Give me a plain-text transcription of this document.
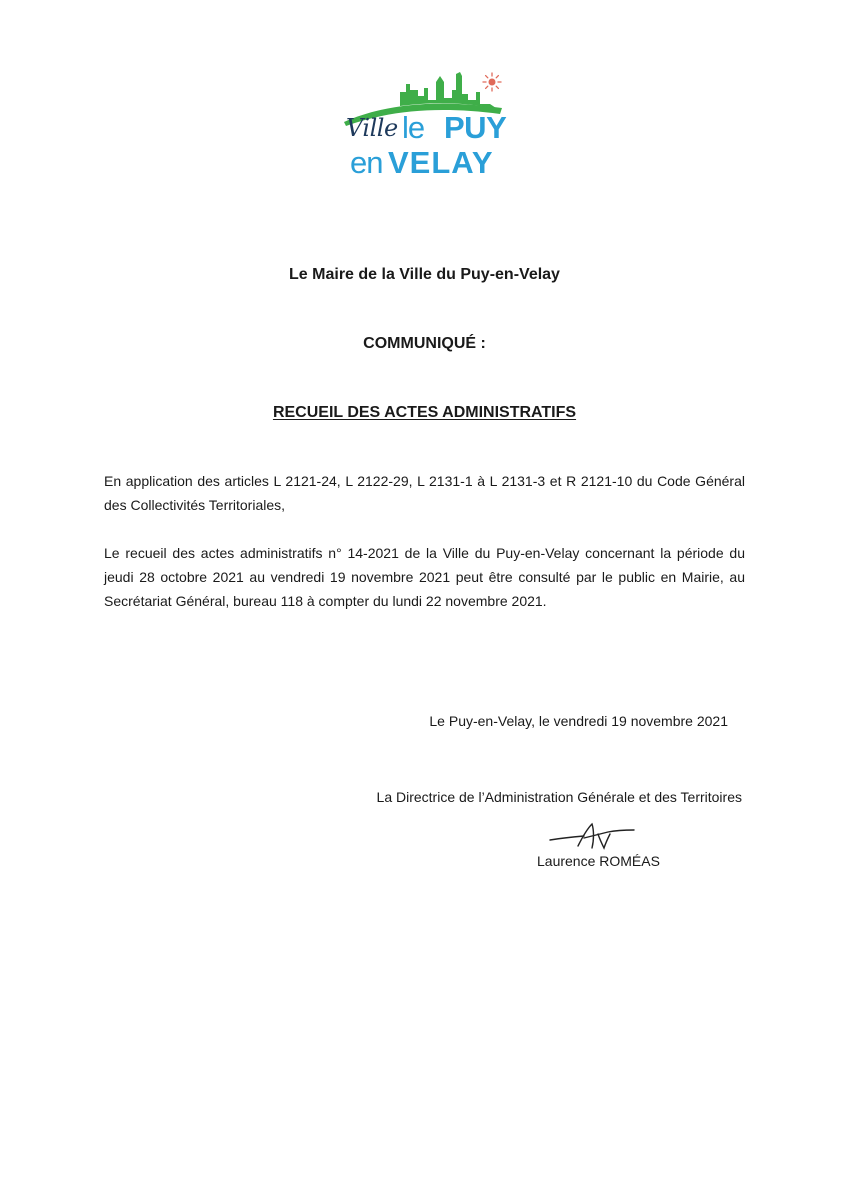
Ville le PUY
en VELAY
Le Maire de la Ville du Puy-en-Velay
COMMUNIQUÉ :
RECUEIL DES ACTES ADMINISTRATIFS
En application des articles L 2121-24, L 2122-29, L 2131-1 à L 2131-3 et R 2121-10 du Code Général des Collectivités Territoriales,
Le recueil des actes administratifs n° 14-2021 de la Ville du Puy-en-Velay concernant la période du jeudi 28 octobre 2021 au vendredi 19 novembre 2021 peut être consulté par le public en Mairie, au Secrétariat Général, bureau 118 à compter du lundi 22 novembre 2021.
Le Puy-en-Velay, le vendredi 19 novembre 2021
La Directrice de l’Administration Générale et des Territoires
Laurence ROMÉAS
